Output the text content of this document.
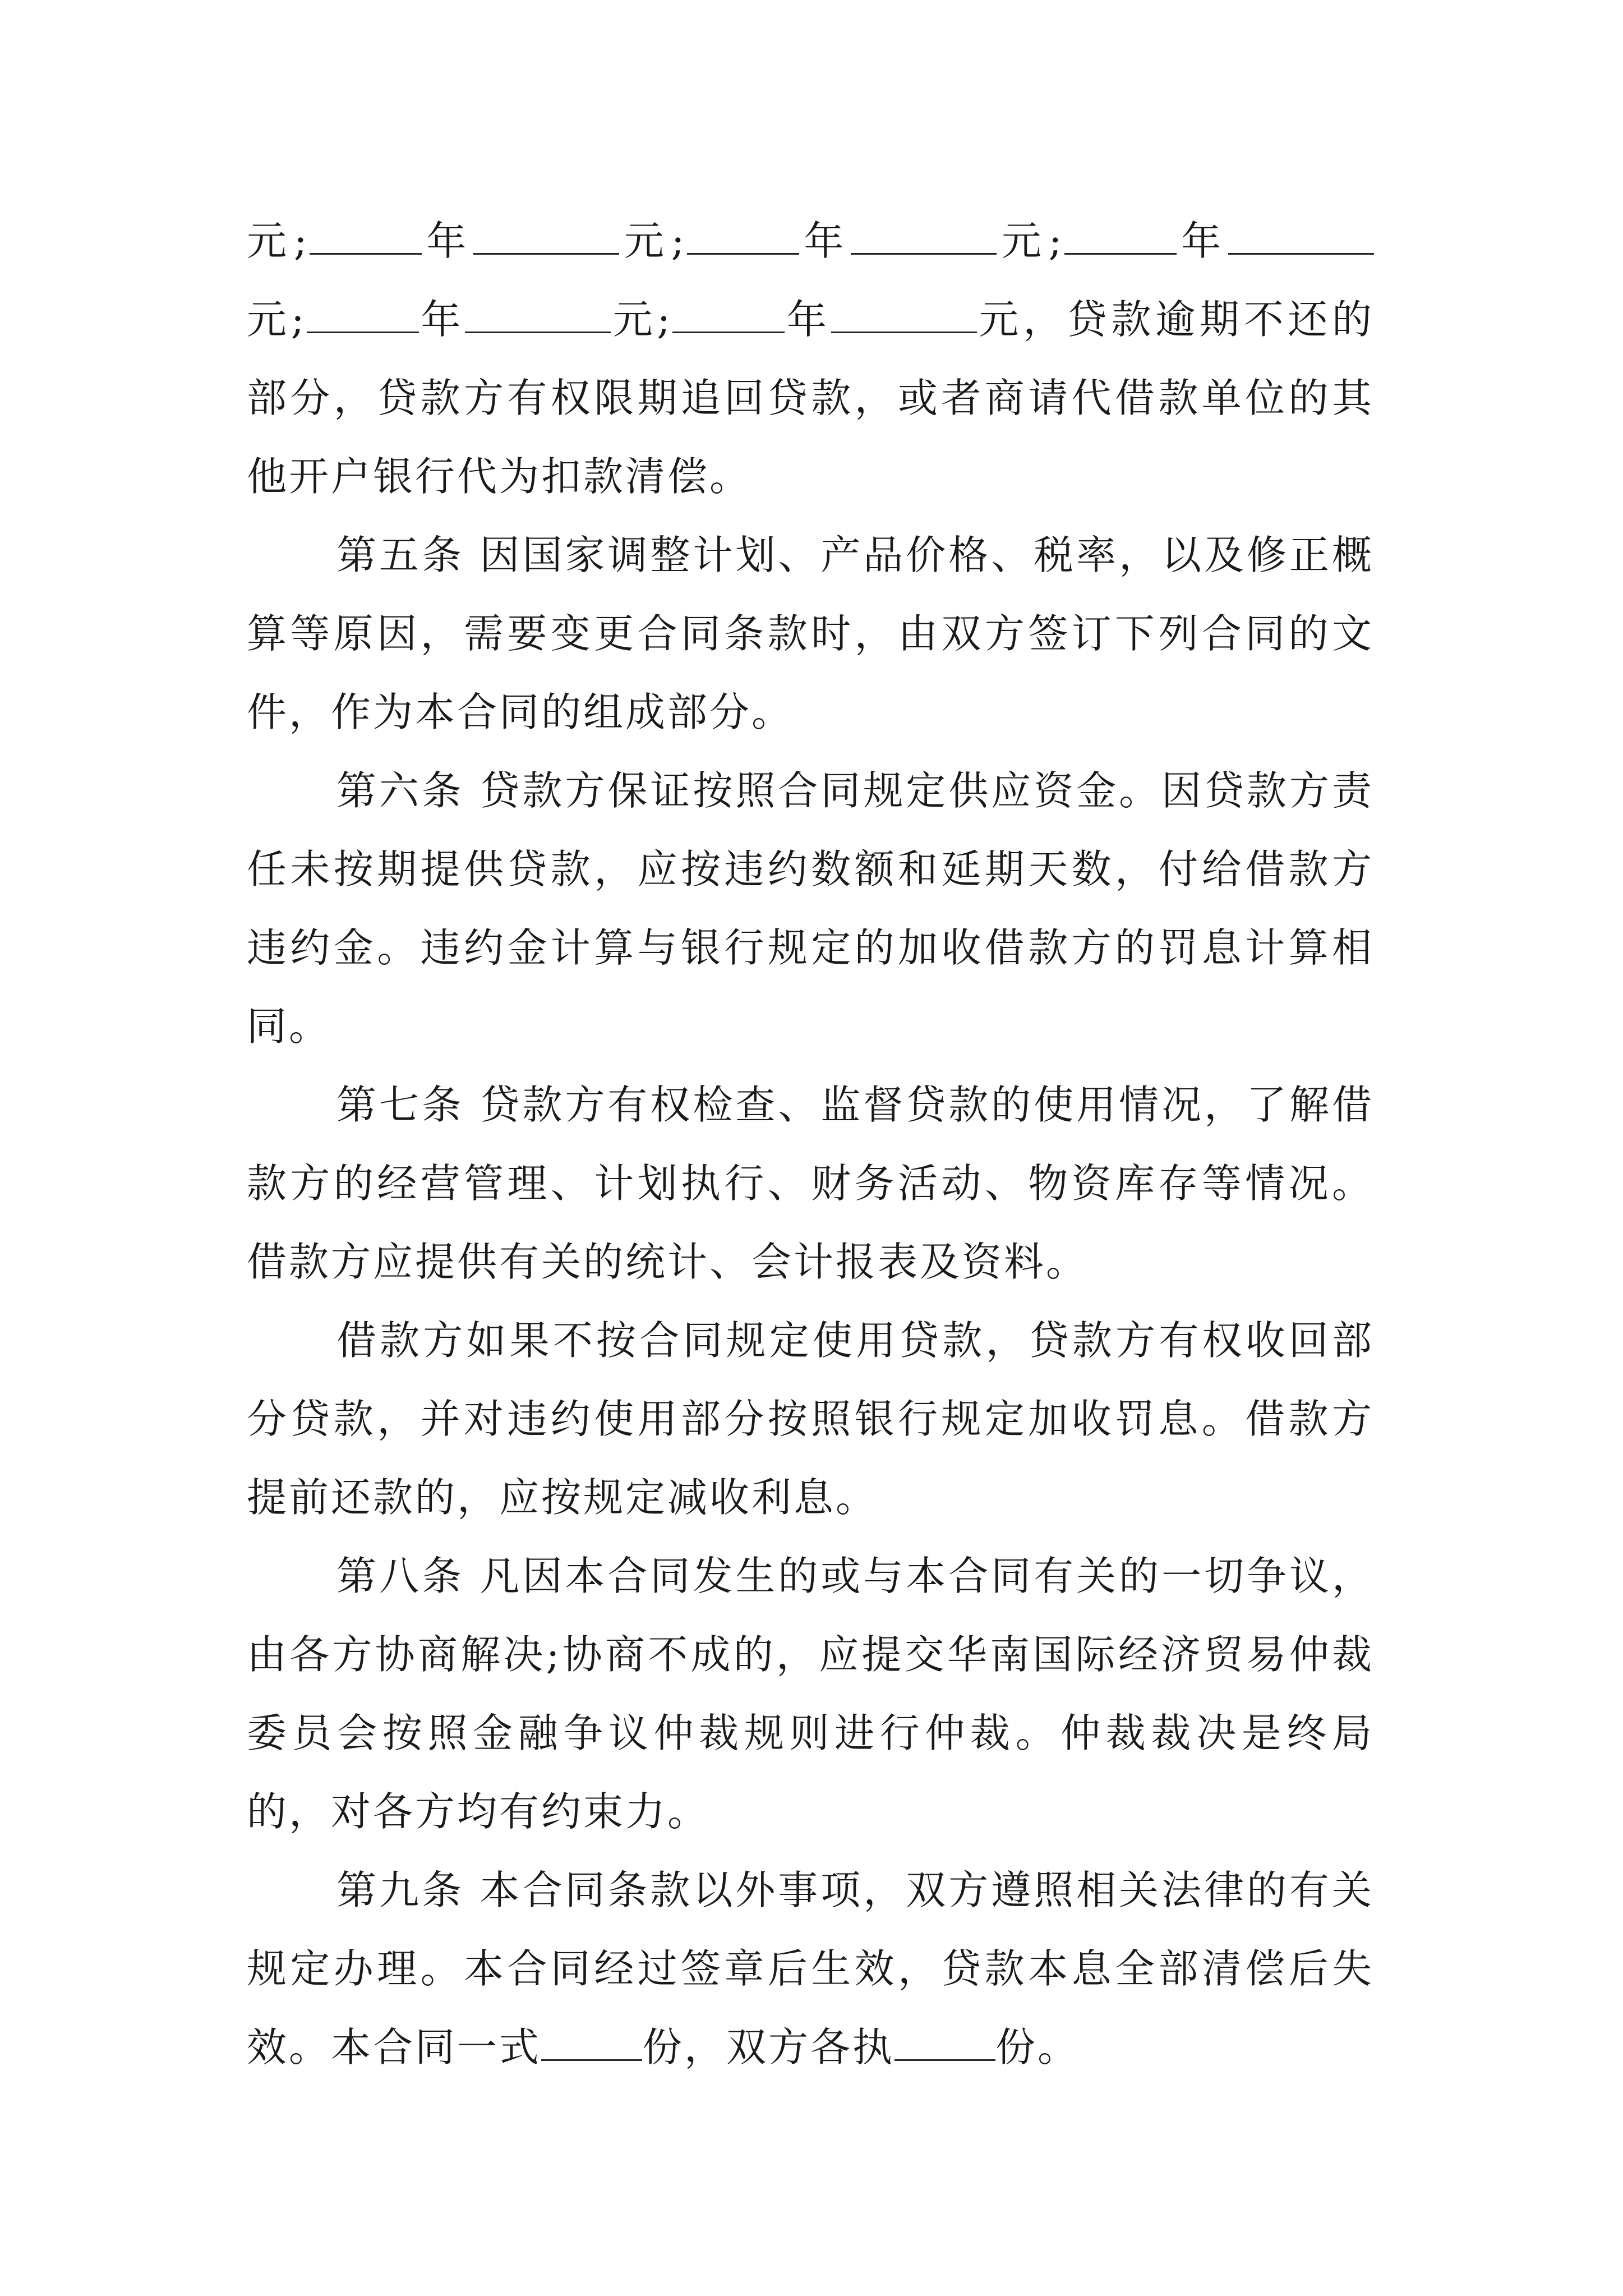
元;	年	元;	年	元;	年元;	年	元;	年	元，贷款逾期不还的部分，贷款方有权限期追回贷款，或者商请代借款单位的其他开户银行代为扣款清偿。

第五条 因国家调整计划、产品价格、税率，以及修正概算等原因，需要变更合同条款时，由双方签订下列合同的文件，作为本合同的组成部分。

第六条 贷款方保证按照合同规定供应资金。因贷款方责任未按期提供贷款，应按违约数额和延期天数，付给借款方违约金。违约金计算与银行规定的加收借款方的罚息计算相同。

第七条 贷款方有权检查、监督贷款的使用情况，了解借款方的经营管理、计划执行、财务活动、物资库存等情况。借款方应提供有关的统计、会计报表及资料。

借款方如果不按合同规定使用贷款，贷款方有权收回部分贷款，并对违约使用部分按照银行规定加收罚息。借款方提前还款的，应按规定减收利息。

第八条 凡因本合同发生的或与本合同有关的一切争议，由各方协商解决;协商不成的，应提交华南国际经济贸易仲裁委员会按照金融争议仲裁规则进行仲裁。仲裁裁决是终局的，对各方均有约束力。

第九条 本合同条款以外事项，双方遵照相关法律的有关规定办理。本合同经过签章后生效，贷款本息全部清偿后失效。本合同一式	份，双方各执	份。
